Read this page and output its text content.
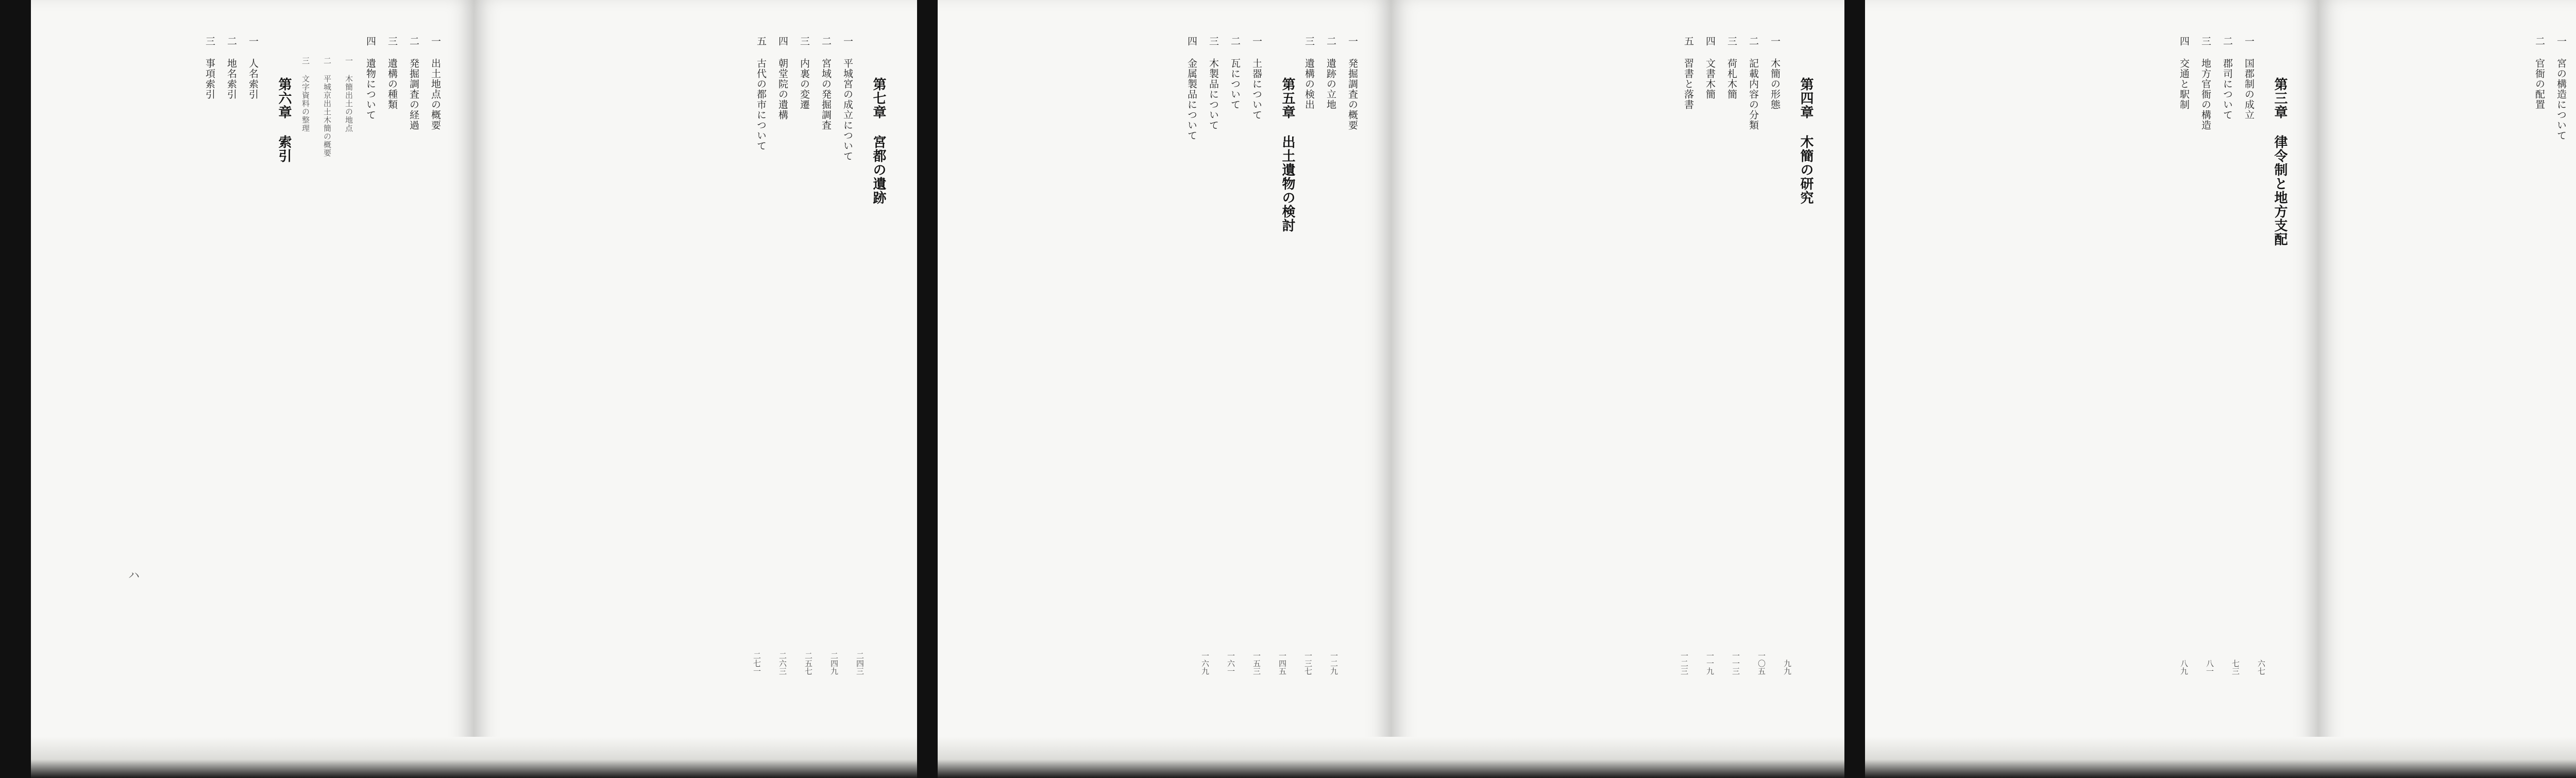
一 出土地点の概要
二 発掘調査の経過
三 遺構の種類
四 遺物について
一 木簡出土の地点
二 平城京出土木簡の概要
三 文字資料の整理
第六章 索引
一 人名索引
二 地名索引
三 事項索引
ハ
第七章 宮都の遺跡
一 平城宮の成立について
二 宮域の発掘調査
三 内裏の変遷
四 朝堂院の遺構
五 古代の都市について
二四三
二四九
二五七
二六三
二七一
一 発掘調査の概要
二 遺跡の立地
三 遺構の検出
第五章 出土遺物の検討
一 土器について
二 瓦について
三 木製品について
四 金属製品について
一二九
一三七
一四五
一五三
一六一
一六九
第四章 木簡の研究
一 木簡の形態
二 記載内容の分類
三 荷札木簡
四 文書木簡
五 習書と落書
九九
一〇五
一一三
一一九
一二三
第三章 律令制と地方支配
一 国郡制の成立
二 郡司について
三 地方官衙の構造
四 交通と駅制
六七
七三
八一
八九
一 宮の構造について
二 官衙の配置
